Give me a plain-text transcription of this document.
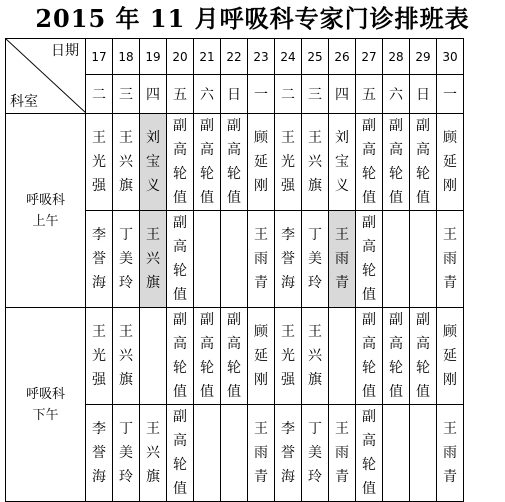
2015 年 11 月呼吸科专家门诊排班表
日期
科室	17	18	19	20	21	22	23	24	25	26	27	28	29	30
	二	三	四	五	六	日	一	二	三	四	五	六	日	一

呼吸科
上午	王光强	王兴旗	刘宝义	副高轮值	副高轮值	副高轮值	顾延刚	王光强	王兴旗	刘宝义	副高轮值	副高轮值	副高轮值	顾延刚
	李誉海	丁美玲	王兴旗	副高轮值			王雨青	李誉海	丁美玲	王雨青	副高轮值			王雨青

呼吸科
下午	王光强	王兴旗		副高轮值	副高轮值	副高轮值	顾延刚	王光强	王兴旗		副高轮值	副高轮值	副高轮值	顾延刚
	李誉海	丁美玲	王兴旗	副高轮值			王雨青	李誉海	丁美玲	王雨青	副高轮值			王雨青
